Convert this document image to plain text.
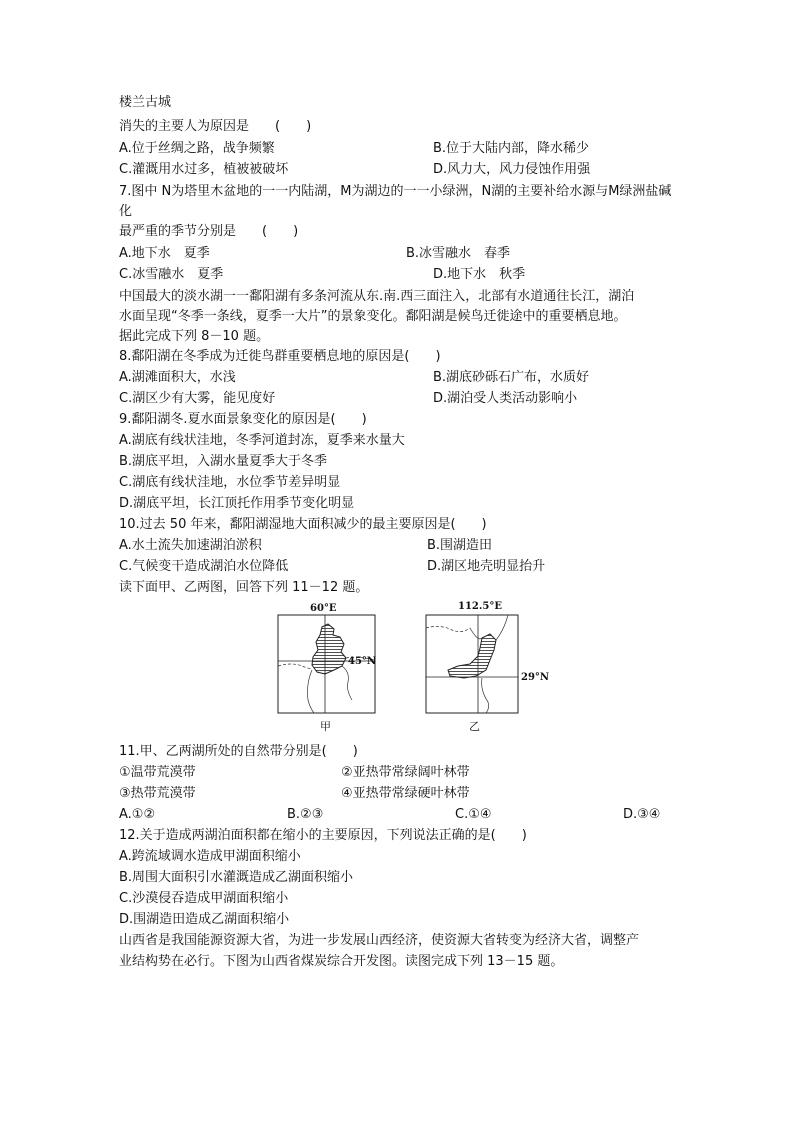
楼兰古城
消失的主要人为原因是　　(　　)
A.位于丝绸之路，战争频繁	B.位于大陆内部，降水稀少
C.灌溉用水过多，植被被破坏	D.风力大，风力侵蚀作用强
7.图中 N为塔里木盆地的一一内陆湖，M为湖边的一一小绿洲，N湖的主要补给水源与M绿洲盐碱化
最严重的季节分别是　　(　　)
A.地下水　夏季	B.冰雪融水　春季
C.冰雪融水　夏季	D.地下水　秋季
中国最大的淡水湖一一鄱阳湖有多条河流从东.南.西三面注入，北部有水道通往长江，湖泊
水面呈现“冬季一条线，夏季一大片”的景象变化。鄱阳湖是候鸟迁徙途中的重要栖息地。
据此完成下列 8－10 题。
8.鄱阳湖在冬季成为迁徙鸟群重要栖息地的原因是(　　)
A.湖滩面积大，水浅	B.湖底砂砾石广布，水质好
C.湖区少有大雾，能见度好	D.湖泊受人类活动影响小
9.鄱阳湖冬.夏水面景象变化的原因是(　　)
A.湖底有线状洼地，冬季河道封冻，夏季来水量大
B.湖底平坦，入湖水量夏季大于冬季
C.湖底有线状洼地，水位季节差异明显
D.湖底平坦，长江顶托作用季节变化明显
10.过去 50 年来，鄱阳湖湿地大面积减少的最主要原因是(　　)
A.水土流失加速湖泊淤积	B.围湖造田
C.气候变干造成湖泊水位降低	D.湖区地壳明显抬升
读下面甲、乙两图，回答下列 11－12 题。
60°E
45°N
甲
112.5°E
29°N
乙
11.甲、乙两湖所处的自然带分别是(　　)
①温带荒漠带	②亚热带常绿阔叶林带
③热带荒漠带	④亚热带常绿硬叶林带
A.①②	B.②③	C.①④	D.③④
12.关于造成两湖泊面积都在缩小的主要原因，下列说法正确的是(　　)
A.跨流域调水造成甲湖面积缩小
B.周围大面积引水灌溉造成乙湖面积缩小
C.沙漠侵吞造成甲湖面积缩小
D.围湖造田造成乙湖面积缩小
山西省是我国能源资源大省，为进一步发展山西经济，使资源大省转变为经济大省，调整产
业结构势在必行。下图为山西省煤炭综合开发图。读图完成下列 13－15 题。
